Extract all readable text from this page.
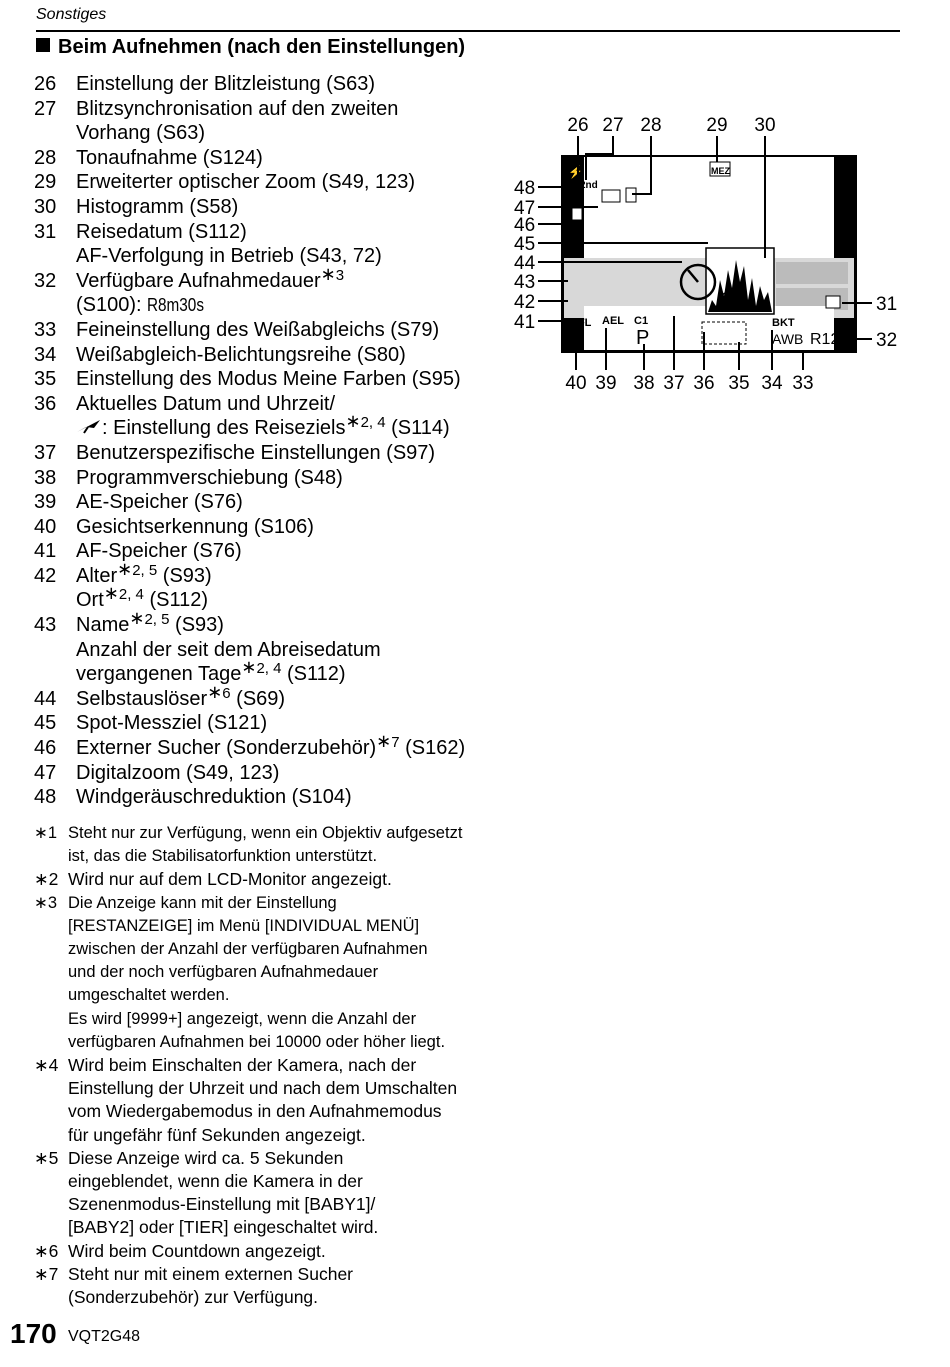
Sonstiges
Beim Aufnehmen (nach den Einstellungen)
26 Einstellung der Blitzleistung (S63)
27 Blitzsynchronisation auf den zweiten
Vorhang (S63)
28 Tonaufnahme (S124)
29 Erweiterter optischer Zoom (S49, 123)
30 Histogramm (S58)
31 Reisedatum (S112)
AF-Verfolgung in Betrieb (S43, 72)
32 Verfügbare Aufnahmedauer$^{∗3}$
(S100): R8m30s
33 Feineinstellung des Weißabgleichs (S79)
34 Weißabgleich-Belichtungsreihe (S80)
35 Einstellung des Modus Meine Farben (S95)
36 Aktuelles Datum und Uhrzeit/
: Einstellung des Reiseziels$^{∗2, 4}$ (S114)
37 Benutzerspezifische Einstellungen (S97)
38 Programmverschiebung (S48)
39 AE-Speicher (S76)
40 Gesichtserkennung (S106)
41 AF-Speicher (S76)
42 Alter$^{∗2, 5}$ (S93)
Ort$^{∗2, 4}$ (S112)
43 Name$^{∗2, 5}$ (S93)
Anzahl der seit dem Abreisedatum
vergangenen Tage$^{∗2, 4}$ (S112)
44 Selbstauslöser$^{∗6}$ (S69)
45 Spot-Messziel (S121)
46 Externer Sucher (Sonderzubehör)$^{∗7}$ (S162)
47 Digitalzoom (S49, 123)
48 Windgeräuschreduktion (S104)
∗1 Steht nur zur Verfügung, wenn ein Objektiv aufgesetzt
ist, das die Stabilisatorfunktion unterstützt.
∗2 Wird nur auf dem LCD-Monitor angezeigt.
∗3 Die Anzeige kann mit der Einstellung
[RESTANZEIGE] im Menü [INDIVIDUAL MENÜ]
zwischen der Anzahl der verfügbaren Aufnahmen
und der noch verfügbaren Aufnahmedauer
umgeschaltet werden.
Es wird [9999+] angezeigt, wenn die Anzahl der
verfügbaren Aufnahmen bei 10000 oder höher liegt.
∗4 Wird beim Einschalten der Kamera, nach der
Einstellung der Uhrzeit und nach dem Umschalten
vom Wiedergabemodus in den Aufnahmemodus
für ungefähr fünf Sekunden angezeigt.
∗5 Diese Anzeige wird ca. 5 Sekunden
eingeblendet, wenn die Kamera in der
Szenenmodus-Einstellung mit [BABY1]/
[BABY2] oder [TIER] eingeschaltet wird.
∗6 Wird beim Countdown angezeigt.
∗7 Steht nur mit einem externen Sucher
(Sonderzubehör) zur Verfügung.
10
⚡
2nd
MEZ
AFL AEL C1
P
BKT
AWB R12
26 27 28 29 30
48
47
46
45
44
43
42
41
31
32
40 39 38 37 36 35 34 33
170 VQT2G48
